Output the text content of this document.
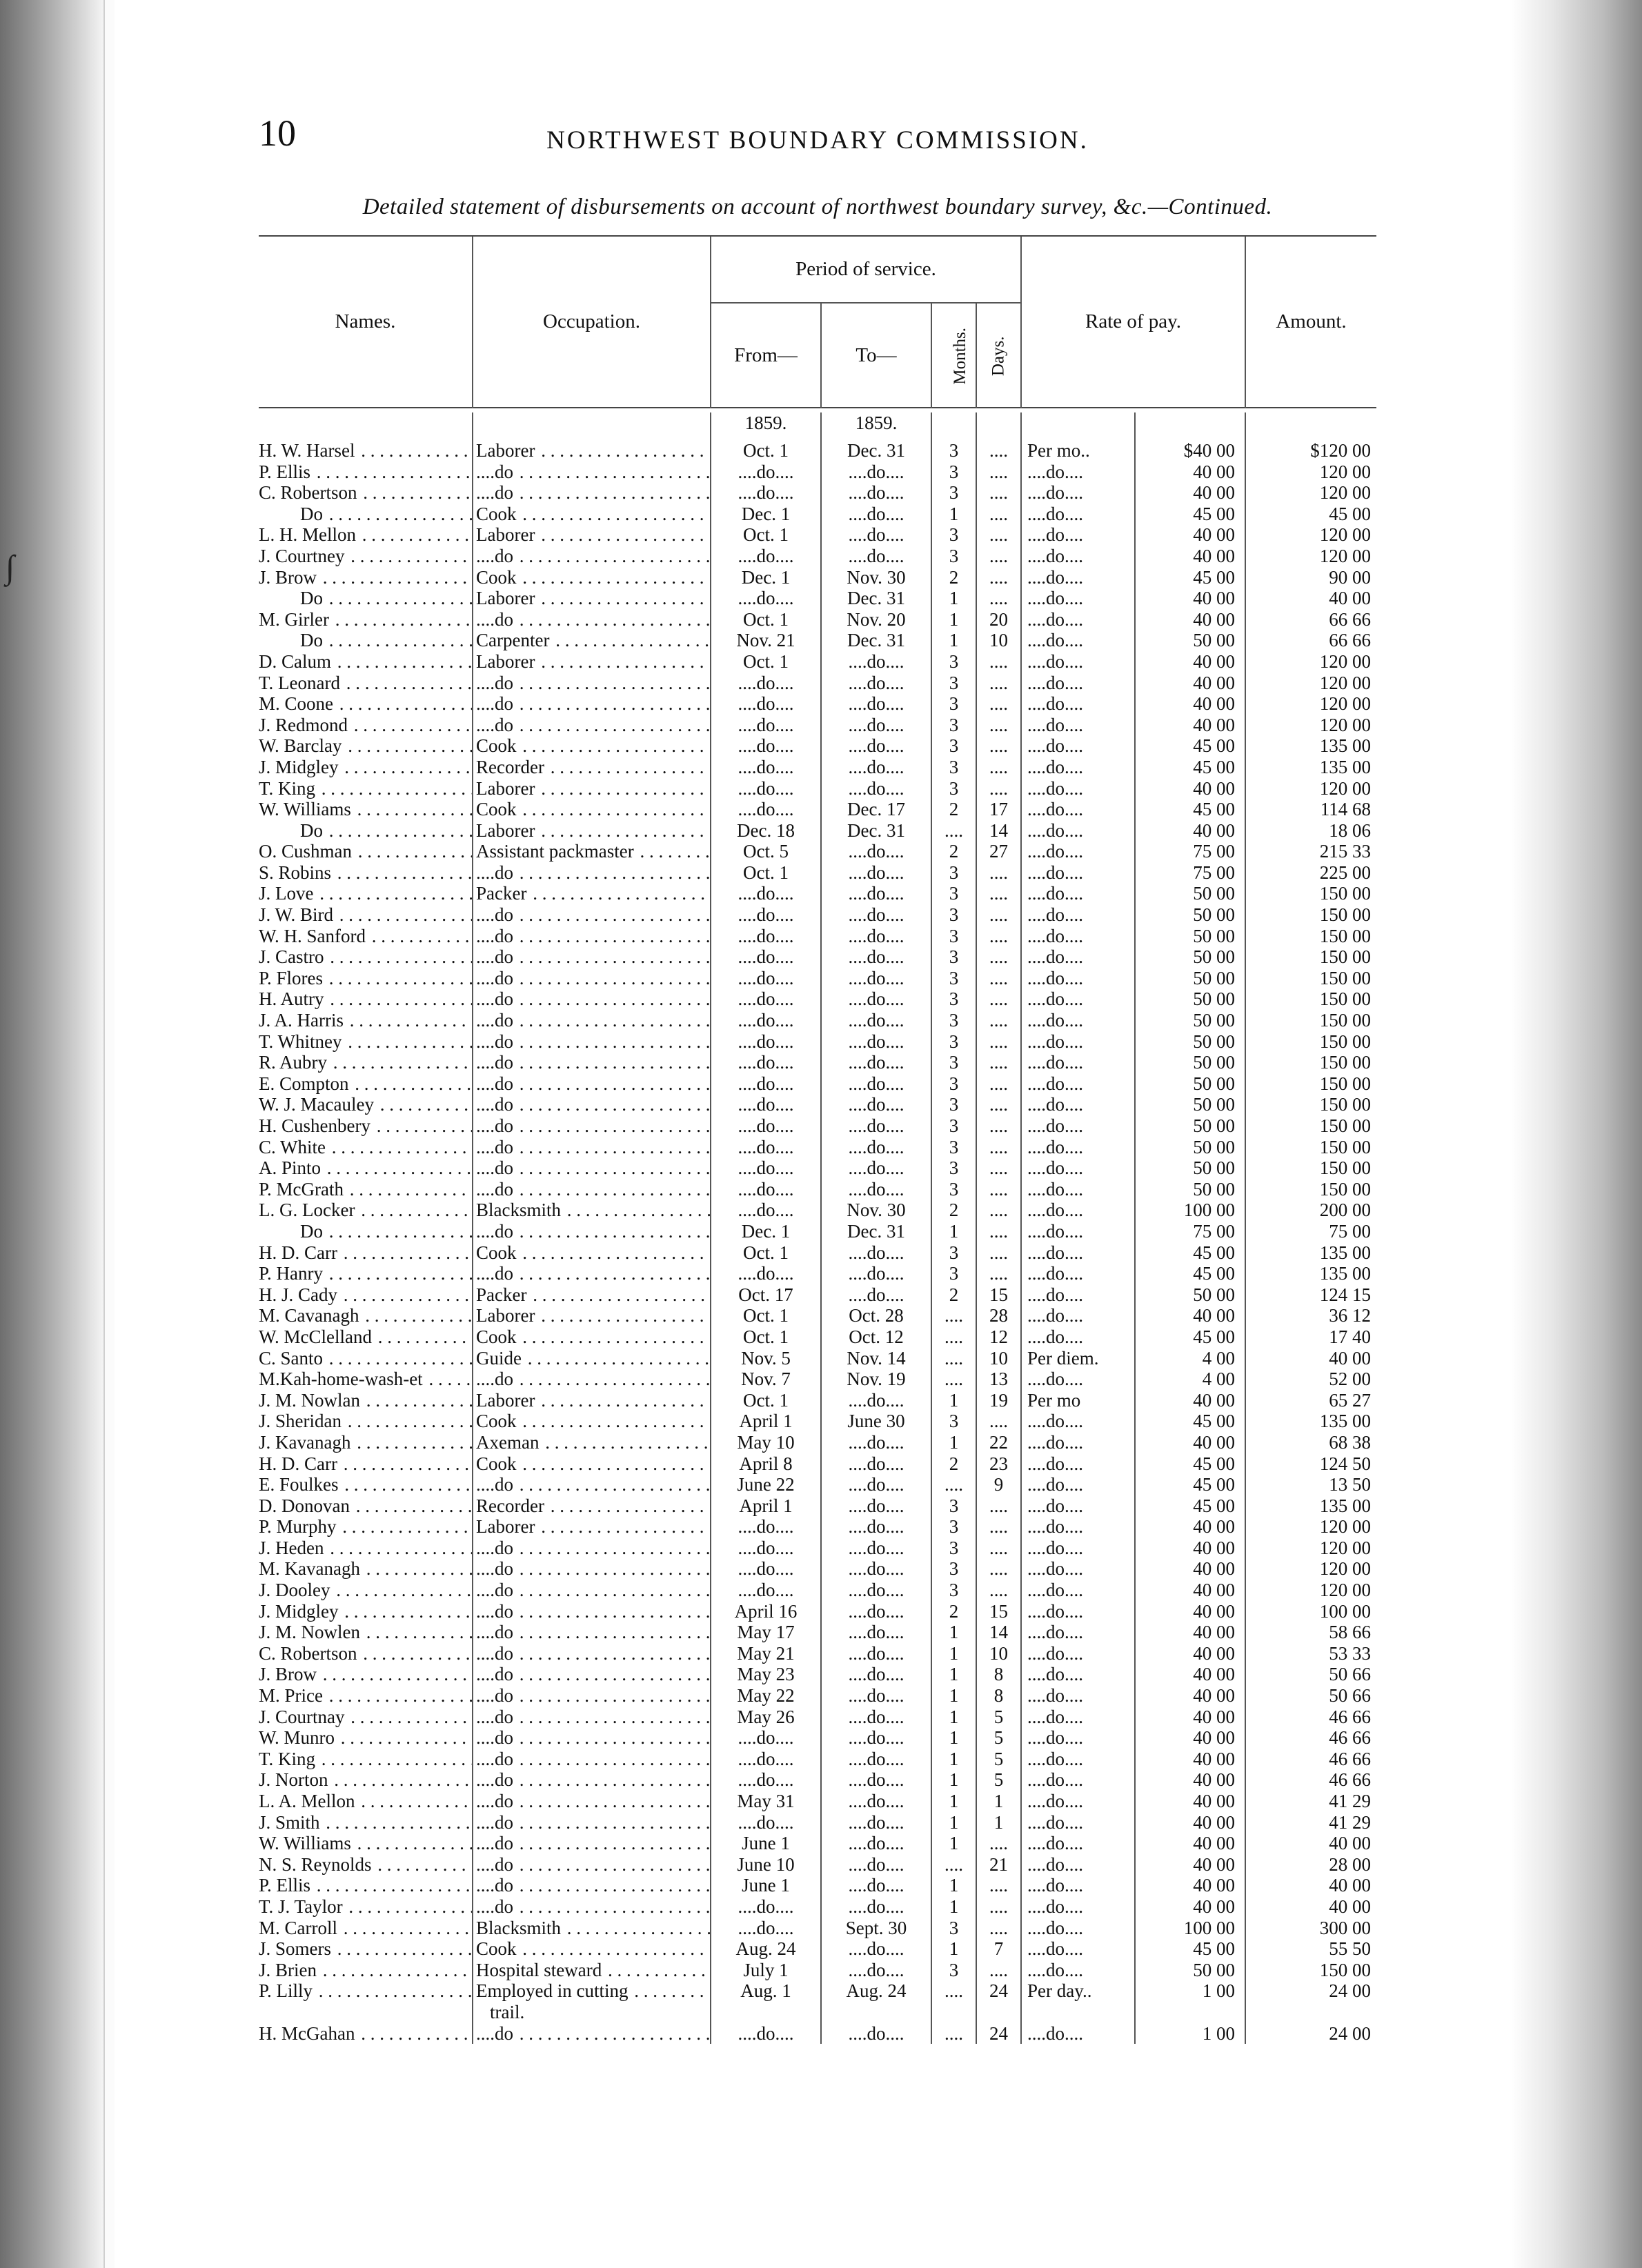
∫
10	NORTHWEST BOUNDARY COMMISSION.
Detailed statement of disbursements on account of northwest boundary survey, &c.—Continued.
Names.	Occupation.	Period of service.				Rate of pay.		Amount.
		From—	To—	Months.	Days.			

		1859.	1859.					
H. W. Harsel . . .	Laborer . . .	Oct. 1	Dec. 31	3	....	Per mo..	$40 00	$120 00
P. Ellis . . .	....do . . .	....do....	....do....	3	....	....do....	40 00	120 00
C. Robertson . . .	....do . . .	....do....	....do....	3	....	....do....	40 00	120 00
Do . . .	Cook . . .	Dec. 1	....do....	1	....	....do....	45 00	45 00
L. H. Mellon . . .	Laborer . . .	Oct. 1	....do....	3	....	....do....	40 00	120 00
J. Courtney . . .	....do . . .	....do....	....do....	3	....	....do....	40 00	120 00
J. Brow . . .	Cook . . .	Dec. 1	Nov. 30	2	....	....do....	45 00	90 00
Do . . .	Laborer . . .	....do....	Dec. 31	1	....	....do....	40 00	40 00
M. Girler . . .	....do . . .	Oct. 1	Nov. 20	1	20	....do....	40 00	66 66
Do . . .	Carpenter . . .	Nov. 21	Dec. 31	1	10	....do....	50 00	66 66
D. Calum . . .	Laborer . . .	Oct. 1	....do....	3	....	....do....	40 00	120 00
T. Leonard . . .	....do . . .	....do....	....do....	3	....	....do....	40 00	120 00
M. Coone . . .	....do . . .	....do....	....do....	3	....	....do....	40 00	120 00
J. Redmond . . .	....do . . .	....do....	....do....	3	....	....do....	40 00	120 00
W. Barclay . . .	Cook . . .	....do....	....do....	3	....	....do....	45 00	135 00
J. Midgley . . .	Recorder . . .	....do....	....do....	3	....	....do....	45 00	135 00
T. King . . .	Laborer . . .	....do....	....do....	3	....	....do....	40 00	120 00
W. Williams . . .	Cook . . .	....do....	Dec. 17	2	17	....do....	45 00	114 68
Do . . .	Laborer . . .	Dec. 18	Dec. 31	....	14	....do....	40 00	18 06
O. Cushman . . .	Assistant packmaster . . .	Oct. 5	....do....	2	27	....do....	75 00	215 33
S. Robins . . .	....do . . .	Oct. 1	....do....	3	....	....do....	75 00	225 00
J. Love . . .	Packer . . .	....do....	....do....	3	....	....do....	50 00	150 00
J. W. Bird . . .	....do . . .	....do....	....do....	3	....	....do....	50 00	150 00
W. H. Sanford . . .	....do . . .	....do....	....do....	3	....	....do....	50 00	150 00
J. Castro . . .	....do . . .	....do....	....do....	3	....	....do....	50 00	150 00
P. Flores . . .	....do . . .	....do....	....do....	3	....	....do....	50 00	150 00
H. Autry . . .	....do . . .	....do....	....do....	3	....	....do....	50 00	150 00
J. A. Harris . . .	....do . . .	....do....	....do....	3	....	....do....	50 00	150 00
T. Whitney . . .	....do . . .	....do....	....do....	3	....	....do....	50 00	150 00
R. Aubry . . .	....do . . .	....do....	....do....	3	....	....do....	50 00	150 00
E. Compton . . .	....do . . .	....do....	....do....	3	....	....do....	50 00	150 00
W. J. Macauley . . .	....do . . .	....do....	....do....	3	....	....do....	50 00	150 00
H. Cushenbery . . .	....do . . .	....do....	....do....	3	....	....do....	50 00	150 00
C. White . . .	....do . . .	....do....	....do....	3	....	....do....	50 00	150 00
A. Pinto . . .	....do . . .	....do....	....do....	3	....	....do....	50 00	150 00
P. McGrath . . .	....do . . .	....do....	....do....	3	....	....do....	50 00	150 00
L. G. Locker . . .	Blacksmith . . .	....do....	Nov. 30	2	....	....do....	100 00	200 00
Do . . .	....do . . .	Dec. 1	Dec. 31	1	....	....do....	75 00	75 00
H. D. Carr . . .	Cook . . .	Oct. 1	....do....	3	....	....do....	45 00	135 00
P. Hanry . . .	....do . . .	....do....	....do....	3	....	....do....	45 00	135 00
H. J. Cady . . .	Packer . . .	Oct. 17	....do....	2	15	....do....	50 00	124 15
M. Cavanagh . . .	Laborer . . .	Oct. 1	Oct. 28	....	28	....do....	40 00	36 12
W. McClelland . . .	Cook . . .	Oct. 1	Oct. 12	....	12	....do....	45 00	17 40
C. Santo . . .	Guide . . .	Nov. 5	Nov. 14	....	10	Per diem.	4 00	40 00
M.Kah-home-wash-et . . .	....do . . .	Nov. 7	Nov. 19	....	13	....do....	4 00	52 00
J. M. Nowlan . . .	Laborer . . .	Oct. 1	....do....	1	19	Per mo	40 00	65 27
J. Sheridan . . .	Cook . . .	April 1	June 30	3	....	....do....	45 00	135 00
J. Kavanagh . . .	Axeman . . .	May 10	....do....	1	22	....do....	40 00	68 38
H. D. Carr . . .	Cook . . .	April 8	....do....	2	23	....do....	45 00	124 50
E. Foulkes . . .	....do . . .	June 22	....do....	....	9	....do....	45 00	13 50
D. Donovan . . .	Recorder . . .	April 1	....do....	3	....	....do....	45 00	135 00
P. Murphy . . .	Laborer . . .	....do....	....do....	3	....	....do....	40 00	120 00
J. Heden . . .	....do . . .	....do....	....do....	3	....	....do....	40 00	120 00
M. Kavanagh . . .	....do . . .	....do....	....do....	3	....	....do....	40 00	120 00
J. Dooley . . .	....do . . .	....do....	....do....	3	....	....do....	40 00	120 00
J. Midgley . . .	....do . . .	April 16	....do....	2	15	....do....	40 00	100 00
J. M. Nowlen . . .	....do . . .	May 17	....do....	1	14	....do....	40 00	58 66
C. Robertson . . .	....do . . .	May 21	....do....	1	10	....do....	40 00	53 33
J. Brow . . .	....do . . .	May 23	....do....	1	8	....do....	40 00	50 66
M. Price . . .	....do . . .	May 22	....do....	1	8	....do....	40 00	50 66
J. Courtnay . . .	....do . . .	May 26	....do....	1	5	....do....	40 00	46 66
W. Munro . . .	....do . . .	....do....	....do....	1	5	....do....	40 00	46 66
T. King . . .	....do . . .	....do....	....do....	1	5	....do....	40 00	46 66
J. Norton . . .	....do . . .	....do....	....do....	1	5	....do....	40 00	46 66
L. A. Mellon . . .	....do . . .	May 31	....do....	1	1	....do....	40 00	41 29
J. Smith . . .	....do . . .	....do....	....do....	1	1	....do....	40 00	41 29
W. Williams . . .	....do . . .	June 1	....do....	1	....	....do....	40 00	40 00
N. S. Reynolds . . .	....do . . .	June 10	....do....	....	21	....do....	40 00	28 00
P. Ellis . . .	....do . . .	June 1	....do....	1	....	....do....	40 00	40 00
T. J. Taylor . . .	....do . . .	....do....	....do....	1	....	....do....	40 00	40 00
M. Carroll . . .	Blacksmith . . .	....do....	Sept. 30	3	....	....do....	100 00	300 00
J. Somers . . .	Cook . . .	Aug. 24	....do....	1	7	....do....	45 00	55 50
J. Brien . . .	Hospital steward . . .	July 1	....do....	3	....	....do....	50 00	150 00
P. Lilly . . .	Employed in cutting . . .	Aug. 1	Aug. 24	....	24	Per day..	1 00	24 00
	trail.							
H. McGahan . . .	....do . . .	....do....	....do....	....	24	....do....	1 00	24 00
